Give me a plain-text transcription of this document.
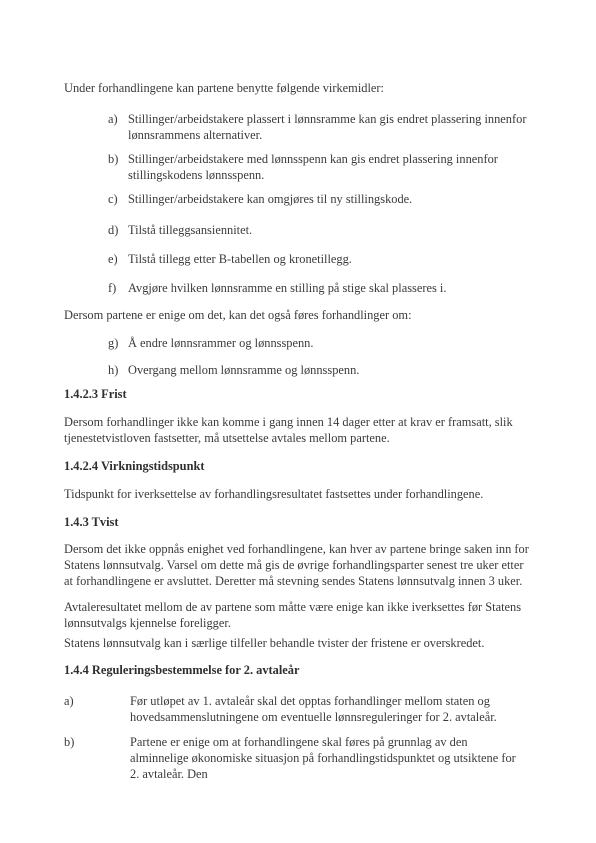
Under forhandlingene kan partene benytte følgende virkemidler:

a) Stillinger/arbeidstakere plassert i lønnsramme kan gis endret plassering innenfor lønnsrammens alternativer.
b) Stillinger/arbeidstakere med lønnsspenn kan gis endret plassering innenfor stillingskodens lønnsspenn.
c) Stillinger/arbeidstakere kan omgjøres til ny stillingskode.
d) Tilstå tilleggsansiennitet.
e) Tilstå tillegg etter B-tabellen og kronetillegg.
f) Avgjøre hvilken lønnsramme en stilling på stige skal plasseres i.

Dersom partene er enige om det, kan det også føres forhandlinger om:

g) Å endre lønnsrammer og lønnsspenn.
h) Overgang mellom lønnsramme og lønnsspenn.
1.4.2.3 Frist

Dersom forhandlinger ikke kan komme i gang innen 14 dager etter at krav er framsatt, slik tjenestetvistloven fastsetter, må utsettelse avtales mellom partene.

1.4.2.4 Virkningstidspunkt

Tidspunkt for iverksettelse av forhandlingsresultatet fastsettes under forhandlingene.

1.4.3 Tvist

Dersom det ikke oppnås enighet ved forhandlingene, kan hver av partene bringe saken inn for Statens lønnsutvalg. Varsel om dette må gis de øvrige forhandlingsparter senest tre uker etter at forhandlingene er avsluttet. Deretter må stevning sendes Statens lønnsutvalg innen 3 uker.

Avtaleresultatet mellom de av partene som måtte være enige kan ikke iverksettes før Statens lønnsutvalgs kjennelse foreligger.

Statens lønnsutvalg kan i særlige tilfeller behandle tvister der fristene er overskredet.

1.4.4 Reguleringsbestemmelse for 2. avtaleår
a)	Før utløpet av 1. avtaleår skal det opptas forhandlinger mellom staten og hovedsammenslutningene om eventuelle lønnsreguleringer for 2. avtaleår.
b)	Partene er enige om at forhandlingene skal føres på grunnlag av den alminnelige økonomiske situasjon på forhandlingstidspunktet og utsiktene for 2. avtaleår. Den
